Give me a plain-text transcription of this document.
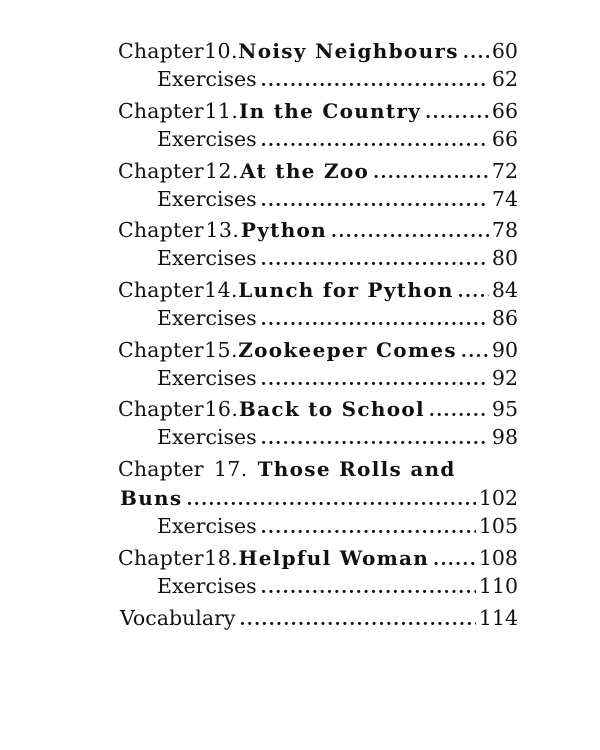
Chapter 10. Noisy Neighbours ..... 60
Exercises .....	62
Chapter 11. In the Country .....	66
Exercises .....	66
Chapter 12. At the Zoo .....	72
Exercises .....	74
Chapter 13. Python .....	78
Exercises .....	80
Chapter 14. Lunch for Python ..... 84
Exercises .....	86
Chapter 15. Zookeeper Comes ..... 90
Exercises .....	92
Chapter 16. Back to School .....	95
Exercises .....	98
Chapter 17. Those Rolls and
Buns .....	102
Exercises .....	105
Chapter 18. Helpful Woman ..... 108
Exercises .....	110
Vocabulary .....	114
